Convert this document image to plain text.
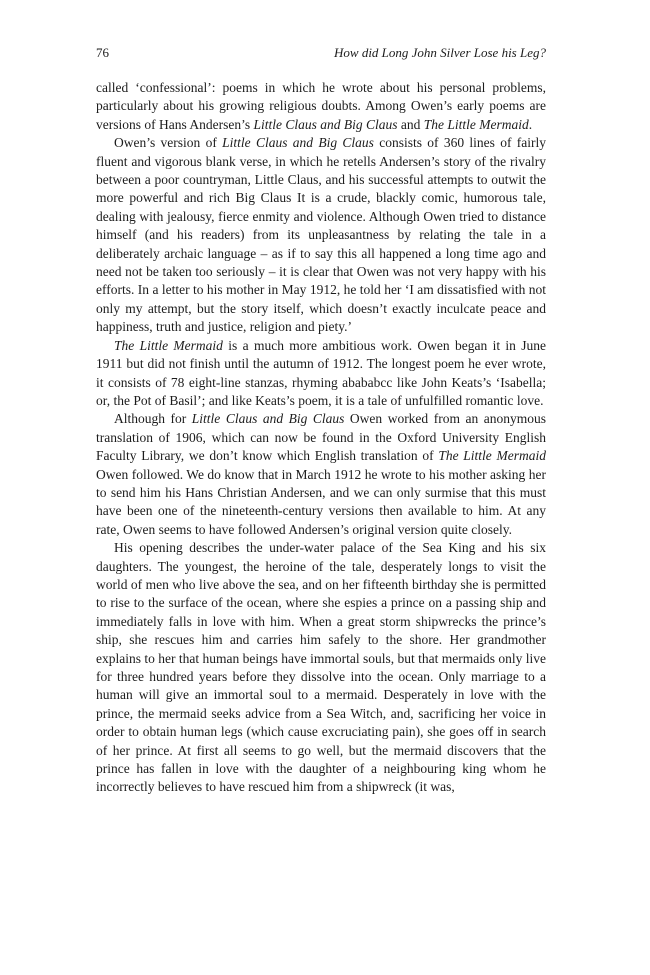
76	How did Long John Silver Lose his Leg?

called ‘confessional’: poems in which he wrote about his personal problems, particularly about his growing religious doubts. Among Owen’s early poems are versions of Hans Andersen’s Little Claus and Big Claus and The Little Mermaid.

Owen’s version of Little Claus and Big Claus consists of 360 lines of fairly fluent and vigorous blank verse, in which he retells Andersen’s story of the rivalry between a poor countryman, Little Claus, and his successful attempts to outwit the more powerful and rich Big Claus It is a crude, blackly comic, humorous tale, dealing with jealousy, fierce enmity and violence. Although Owen tried to distance himself (and his readers) from its unpleasantness by relating the tale in a deliberately archaic language – as if to say this all happened a long time ago and need not be taken too seriously – it is clear that Owen was not very happy with his efforts. In a letter to his mother in May 1912, he told her ‘I am dissatisfied with not only my attempt, but the story itself, which doesn’t exactly inculcate peace and happiness, truth and justice, religion and piety.’

The Little Mermaid is a much more ambitious work. Owen began it in June 1911 but did not finish until the autumn of 1912. The longest poem he ever wrote, it consists of 78 eight-line stanzas, rhyming abababcc like John Keats’s ‘Isabella; or, the Pot of Basil’; and like Keats’s poem, it is a tale of unfulfilled romantic love.

Although for Little Claus and Big Claus Owen worked from an anonymous translation of 1906, which can now be found in the Oxford University English Faculty Library, we don’t know which English translation of The Little Mermaid Owen followed. We do know that in March 1912 he wrote to his mother asking her to send him his Hans Christian Andersen, and we can only surmise that this must have been one of the nineteenth-century versions then available to him. At any rate, Owen seems to have followed Andersen’s original version quite closely.

His opening describes the under-water palace of the Sea King and his six daughters. The youngest, the heroine of the tale, desperately longs to visit the world of men who live above the sea, and on her fifteenth birthday she is permitted to rise to the surface of the ocean, where she espies a prince on a passing ship and immediately falls in love with him. When a great storm shipwrecks the prince’s ship, she rescues him and carries him safely to the shore. Her grandmother explains to her that human beings have immortal souls, but that mermaids only live for three hundred years before they dissolve into the ocean. Only marriage to a human will give an immortal soul to a mermaid. Desperately in love with the prince, the mermaid seeks advice from a Sea Witch, and, sacrificing her voice in order to obtain human legs (which cause excruciating pain), she goes off in search of her prince. At first all seems to go well, but the mermaid discovers that the prince has fallen in love with the daughter of a neighbouring king whom he incorrectly believes to have rescued him from a shipwreck (it was,
